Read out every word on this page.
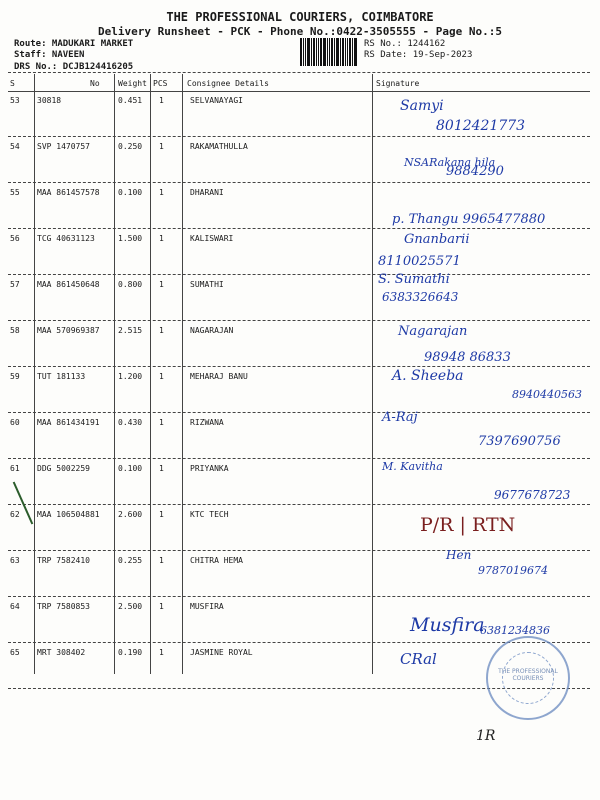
THE PROFESSIONAL COURIERS, COIMBATORE
Delivery Runsheet - PCK - Phone No.:0422-3505555 - Page No.:5
Route: MADUKARI MARKET
Staff: NAVEEN
DRS No.: DCJB124416205
RS No.: 1244162
RS Date: 19-Sep-2023
S	No Weight PCS Consignee Details	Signature
53 30818	0.451 1	SELVANAYAGI	Samyi
8012421773
54 SVP 1470757	0.250 1	RAKAMATHULLA
NSARakana hila
9884290
55 MAA 861457578 0.100 1	DHARANI
p. Thangu 9965477880
56 TCG 40631123	1.500 1	KALISWARI	Gnanbarii
8110025571
57 MAA 861450648 0.800 1	SUMATHI	S. Sumathi
6383326643
58 MAA 570969387 2.515 1	NAGARAJAN	Nagarajan
98948 86833
59 TUT 181133	1.200 1	MEHARAJ BANU	A. Sheeba
8940440563
60 MAA 861434191 0.430 1	RIZWANA	A-Raj
7397690756
61 DDG 5002259	0.100 1	PRIYANKA	M. Kavitha
9677678723
62 MAA 106504881 2.600 1	KTC TECH	P/R | RTN
63 TRP 7582410	0.255 1	CHITRA HEMA	Hen
9787019674
64 TRP 7580853	2.500 1	MUSFIRA
Musfira
6381234836
65 MRT 308402	0.190 1	JASMINE ROYAL	CRal
THE PROFESSIONAL COURIERS
1R
